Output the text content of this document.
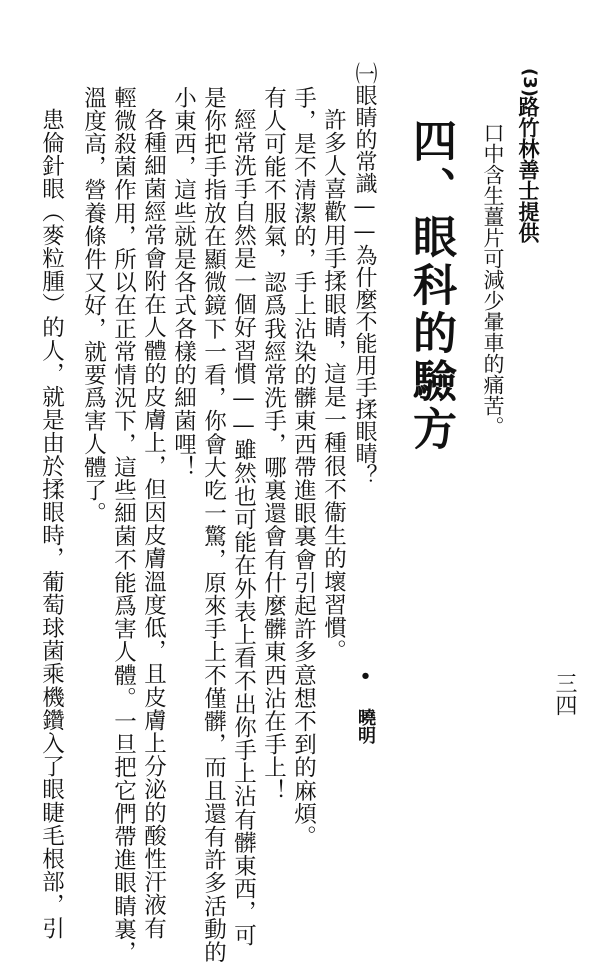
三四
(3)
路竹林善士提供
口中含生薑片可減少暈車的痛苦。
四、眼科的驗方
• 曉明
㈠眼睛的常識——為什麼不能用手揉眼睛？
許多人喜歡用手揉眼睛，這是一種很不衞生的壞習慣。
手，是不清潔的，手上沾染的髒東西帶進眼裏會引起許多意想不到的麻煩。
有人可能不服氣，認爲我經常洗手，哪裏還會有什麼髒東西沾在手上！
經常洗手自然是一個好習慣——雖然也可能在外表上看不出你手上沾有髒東西，可
是你把手指放在顯微鏡下一看，你會大吃一驚，原來手上不僅髒，而且還有許多活動的
小東西，這些就是各式各樣的細菌哩！
各種細菌經常會附在人體的皮膚上，但因皮膚溫度低，且皮膚上分泌的酸性汗液有
輕微殺菌作用，所以在正常情況下，這些細菌不能爲害人體。一旦把它們帶進眼睛裏，
溫度高，營養條件又好，就要爲害人體了。
患倫針眼（麥粒腫）的人，就是由於揉眼時，葡萄球菌乘機鑽入了眼睫毛根部，引
